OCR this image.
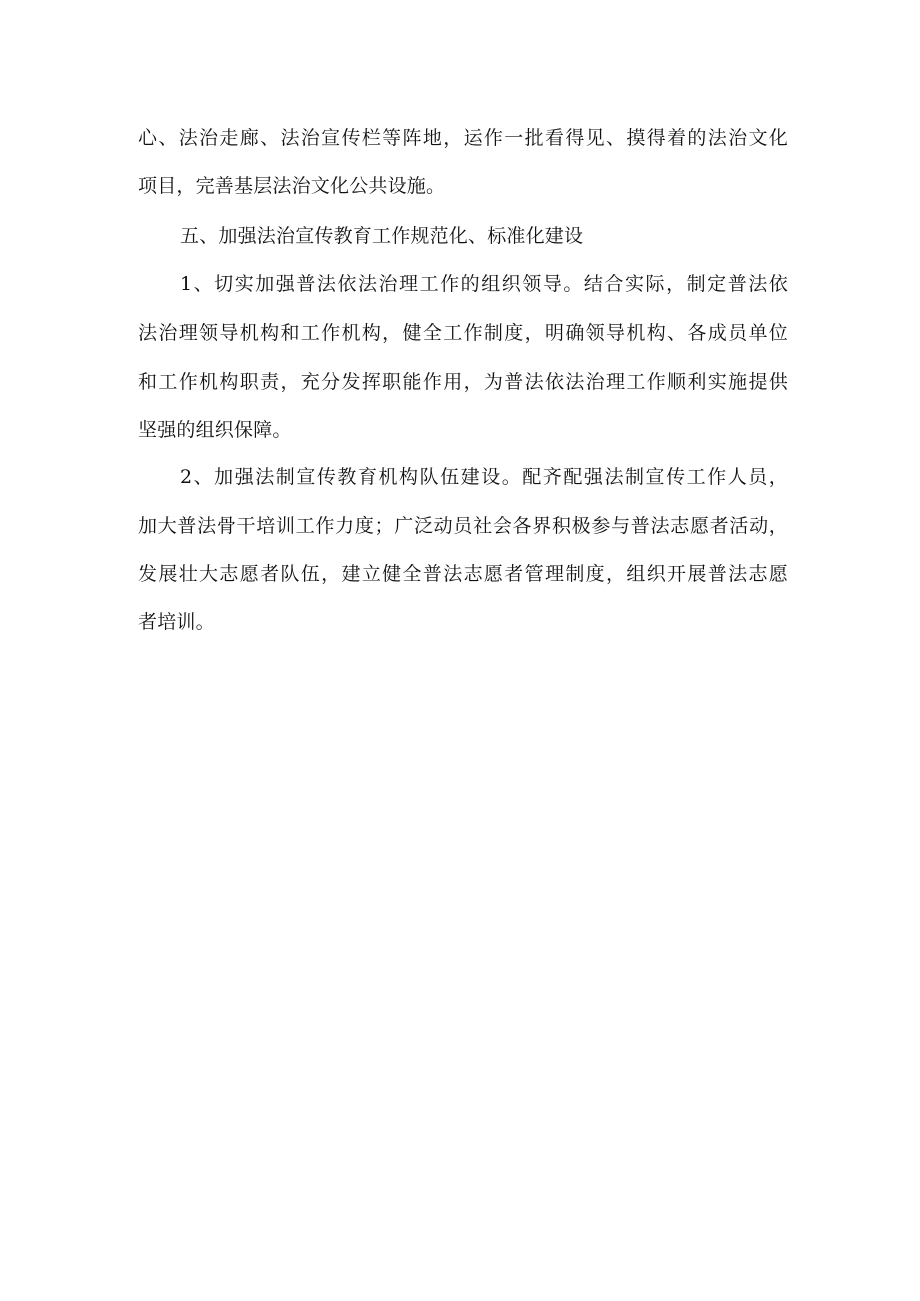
心、法治走廊、法治宣传栏等阵地，运作一批看得见、摸得着的法治文化
项目，完善基层法治文化公共设施。
五、加强法治宣传教育工作规范化、标准化建设
1、切实加强普法依法治理工作的组织领导。结合实际，制定普法依
法治理领导机构和工作机构，健全工作制度，明确领导机构、各成员单位
和工作机构职责，充分发挥职能作用，为普法依法治理工作顺利实施提供
坚强的组织保障。
2、加强法制宣传教育机构队伍建设。配齐配强法制宣传工作人员，
加大普法骨干培训工作力度；广泛动员社会各界积极参与普法志愿者活动，
发展壮大志愿者队伍，建立健全普法志愿者管理制度，组织开展普法志愿
者培训。
